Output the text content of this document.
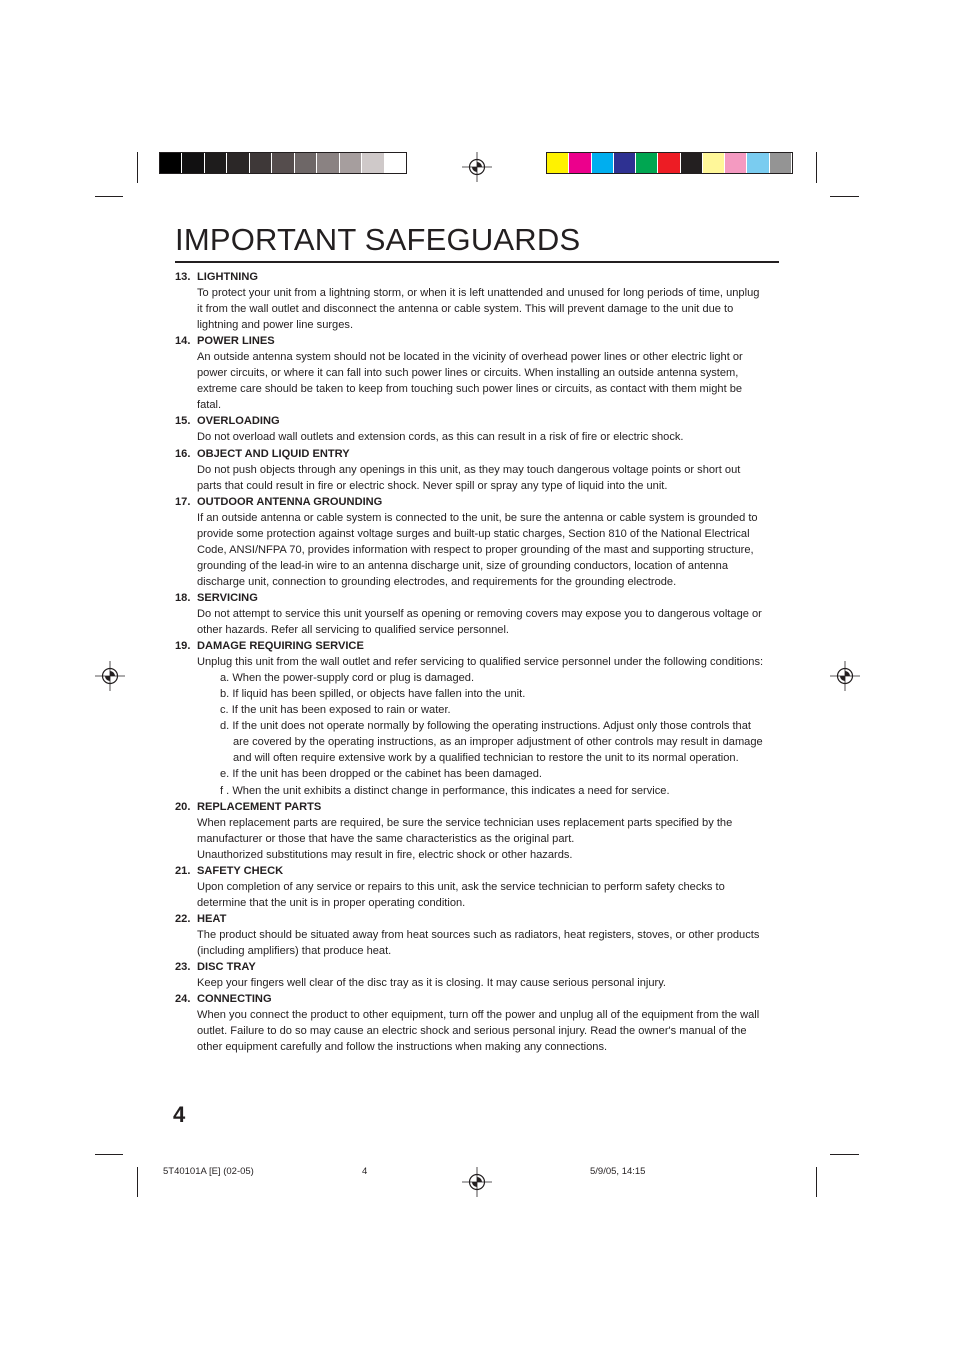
IMPORTANT SAFEGUARDS
13. LIGHTNING
To protect your unit from a lightning storm, or when it is left unattended and unused for long periods of time, unplug it from the wall outlet and disconnect the antenna or cable system. This will prevent damage to the unit due to lightning and power line surges.
14. POWER LINES
An outside antenna system should not be located in the vicinity of overhead power lines or other electric light or power circuits, or where it can fall into such power lines or circuits. When installing an outside antenna system, extreme care should be taken to keep from touching such power lines or circuits, as contact with them might be fatal.
15. OVERLOADING
Do not overload wall outlets and extension cords, as this can result in a risk of fire or electric shock.
16. OBJECT AND LIQUID ENTRY
Do not push objects through any openings in this unit, as they may touch dangerous voltage points or short out parts that could result in fire or electric shock. Never spill or spray any type of liquid into the unit.
17. OUTDOOR ANTENNA GROUNDING
If an outside antenna or cable system is connected to the unit, be sure the antenna or cable system is grounded to provide some protection against voltage surges and built-up static charges, Section 810 of the National Electrical Code, ANSI/NFPA 70, provides information with respect to proper grounding of the mast and supporting structure, grounding of the lead-in wire to an antenna discharge unit, size of grounding conductors, location of antenna discharge unit, connection to grounding electrodes, and requirements for the grounding electrode.
18. SERVICING
Do not attempt to service this unit yourself as opening or removing covers may expose you to dangerous voltage or other hazards. Refer all servicing to qualified service personnel.
19. DAMAGE REQUIRING SERVICE
Unplug this unit from the wall outlet and refer servicing to qualified service personnel under the following conditions:
a. When the power-supply cord or plug is damaged.
b. If liquid has been spilled, or objects have fallen into the unit.
c. If the unit has been exposed to rain or water.
d. If the unit does not operate normally by following the operating instructions. Adjust only those controls that are covered by the operating instructions, as an improper adjustment of other controls may result in damage and will often require extensive work by a qualified technician to restore the unit to its normal operation.
e. If the unit has been dropped or the cabinet has been damaged.
f . When the unit exhibits a distinct change in performance, this indicates a need for service.
20. REPLACEMENT PARTS
When replacement parts are required, be sure the service technician uses replacement parts specified by the manufacturer or those that have the same characteristics as the original part.
Unauthorized substitutions may result in fire, electric shock or other hazards.
21. SAFETY CHECK
Upon completion of any service or repairs to this unit, ask the service technician to perform safety checks to determine that the unit is in proper operating condition.
22. HEAT
The product should be situated away from heat sources such as radiators, heat registers, stoves, or other products (including amplifiers) that produce heat.
23. DISC TRAY
Keep your fingers well clear of the disc tray as it is closing. It may cause serious personal injury.
24. CONNECTING
When you connect the product to other equipment, turn off the power and unplug all of the equipment from the wall outlet. Failure to do so may cause an electric shock and serious personal injury. Read the owner's manual of the other equipment carefully and follow the instructions when making any connections.
4
5T40101A [E] (02-05)	4	5/9/05, 14:15
